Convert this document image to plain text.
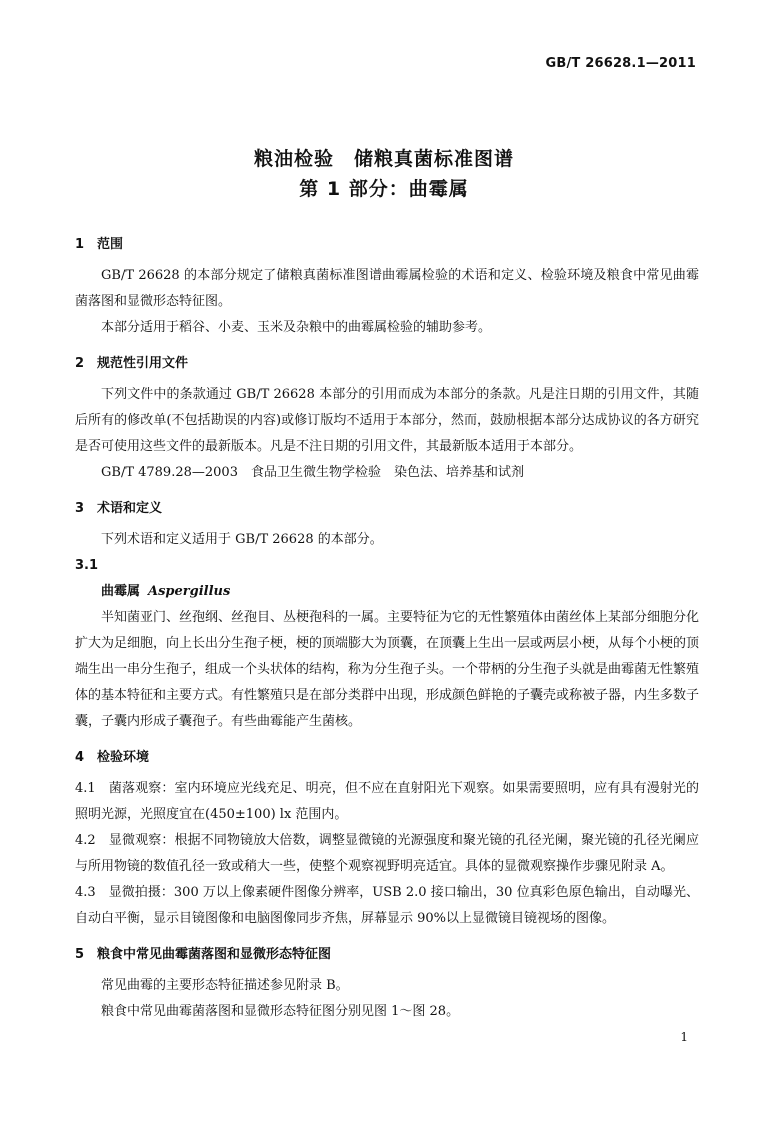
GB/T 26628.1—2011
粮油检验　储粮真菌标准图谱
第 1 部分：曲霉属
1 范围

GB/T 26628 的本部分规定了储粮真菌标准图谱曲霉属检验的术语和定义、检验环境及粮食中常见曲霉菌落图和显微形态特征图。

本部分适用于稻谷、小麦、玉米及杂粮中的曲霉属检验的辅助参考。

2 规范性引用文件

下列文件中的条款通过 GB/T 26628 本部分的引用而成为本部分的条款。凡是注日期的引用文件，其随后所有的修改单(不包括勘误的内容)或修订版均不适用于本部分，然而，鼓励根据本部分达成协议的各方研究是否可使用这些文件的最新版本。凡是不注日期的引用文件，其最新版本适用于本部分。

GB/T 4789.28—2003　食品卫生微生物学检验　染色法、培养基和试剂

3 术语和定义

下列术语和定义适用于 GB/T 26628 的本部分。

3.1
曲霉属 Aspergillus

半知菌亚门、丝孢纲、丝孢目、丛梗孢科的一属。主要特征为它的无性繁殖体由菌丝体上某部分细胞分化扩大为足细胞，向上长出分生孢子梗，梗的顶端膨大为顶囊，在顶囊上生出一层或两层小梗，从每个小梗的顶端生出一串分生孢子，组成一个头状体的结构，称为分生孢子头。一个带柄的分生孢子头就是曲霉菌无性繁殖体的基本特征和主要方式。有性繁殖只是在部分类群中出现，形成颜色鲜艳的子囊壳或称被子器，内生多数子囊，子囊内形成子囊孢子。有些曲霉能产生菌核。

4 检验环境

4.1　菌落观察：室内环境应光线充足、明亮，但不应在直射阳光下观察。如果需要照明，应有具有漫射光的照明光源，光照度宜在(450±100) lx 范围内。

4.2　显微观察：根据不同物镜放大倍数，调整显微镜的光源强度和聚光镜的孔径光阑，聚光镜的孔径光阑应与所用物镜的数值孔径一致或稍大一些，使整个观察视野明亮适宜。具体的显微观察操作步骤见附录 A。

4.3　显微拍摄：300 万以上像素硬件图像分辨率，USB 2.0 接口输出，30 位真彩色原色输出，自动曝光、自动白平衡，显示目镜图像和电脑图像同步齐焦，屏幕显示 90%以上显微镜目镜视场的图像。

5 粮食中常见曲霉菌落图和显微形态特征图

常见曲霉的主要形态特征描述参见附录 B。

粮食中常见曲霉菌落图和显微形态特征图分别见图 1～图 28。

1
